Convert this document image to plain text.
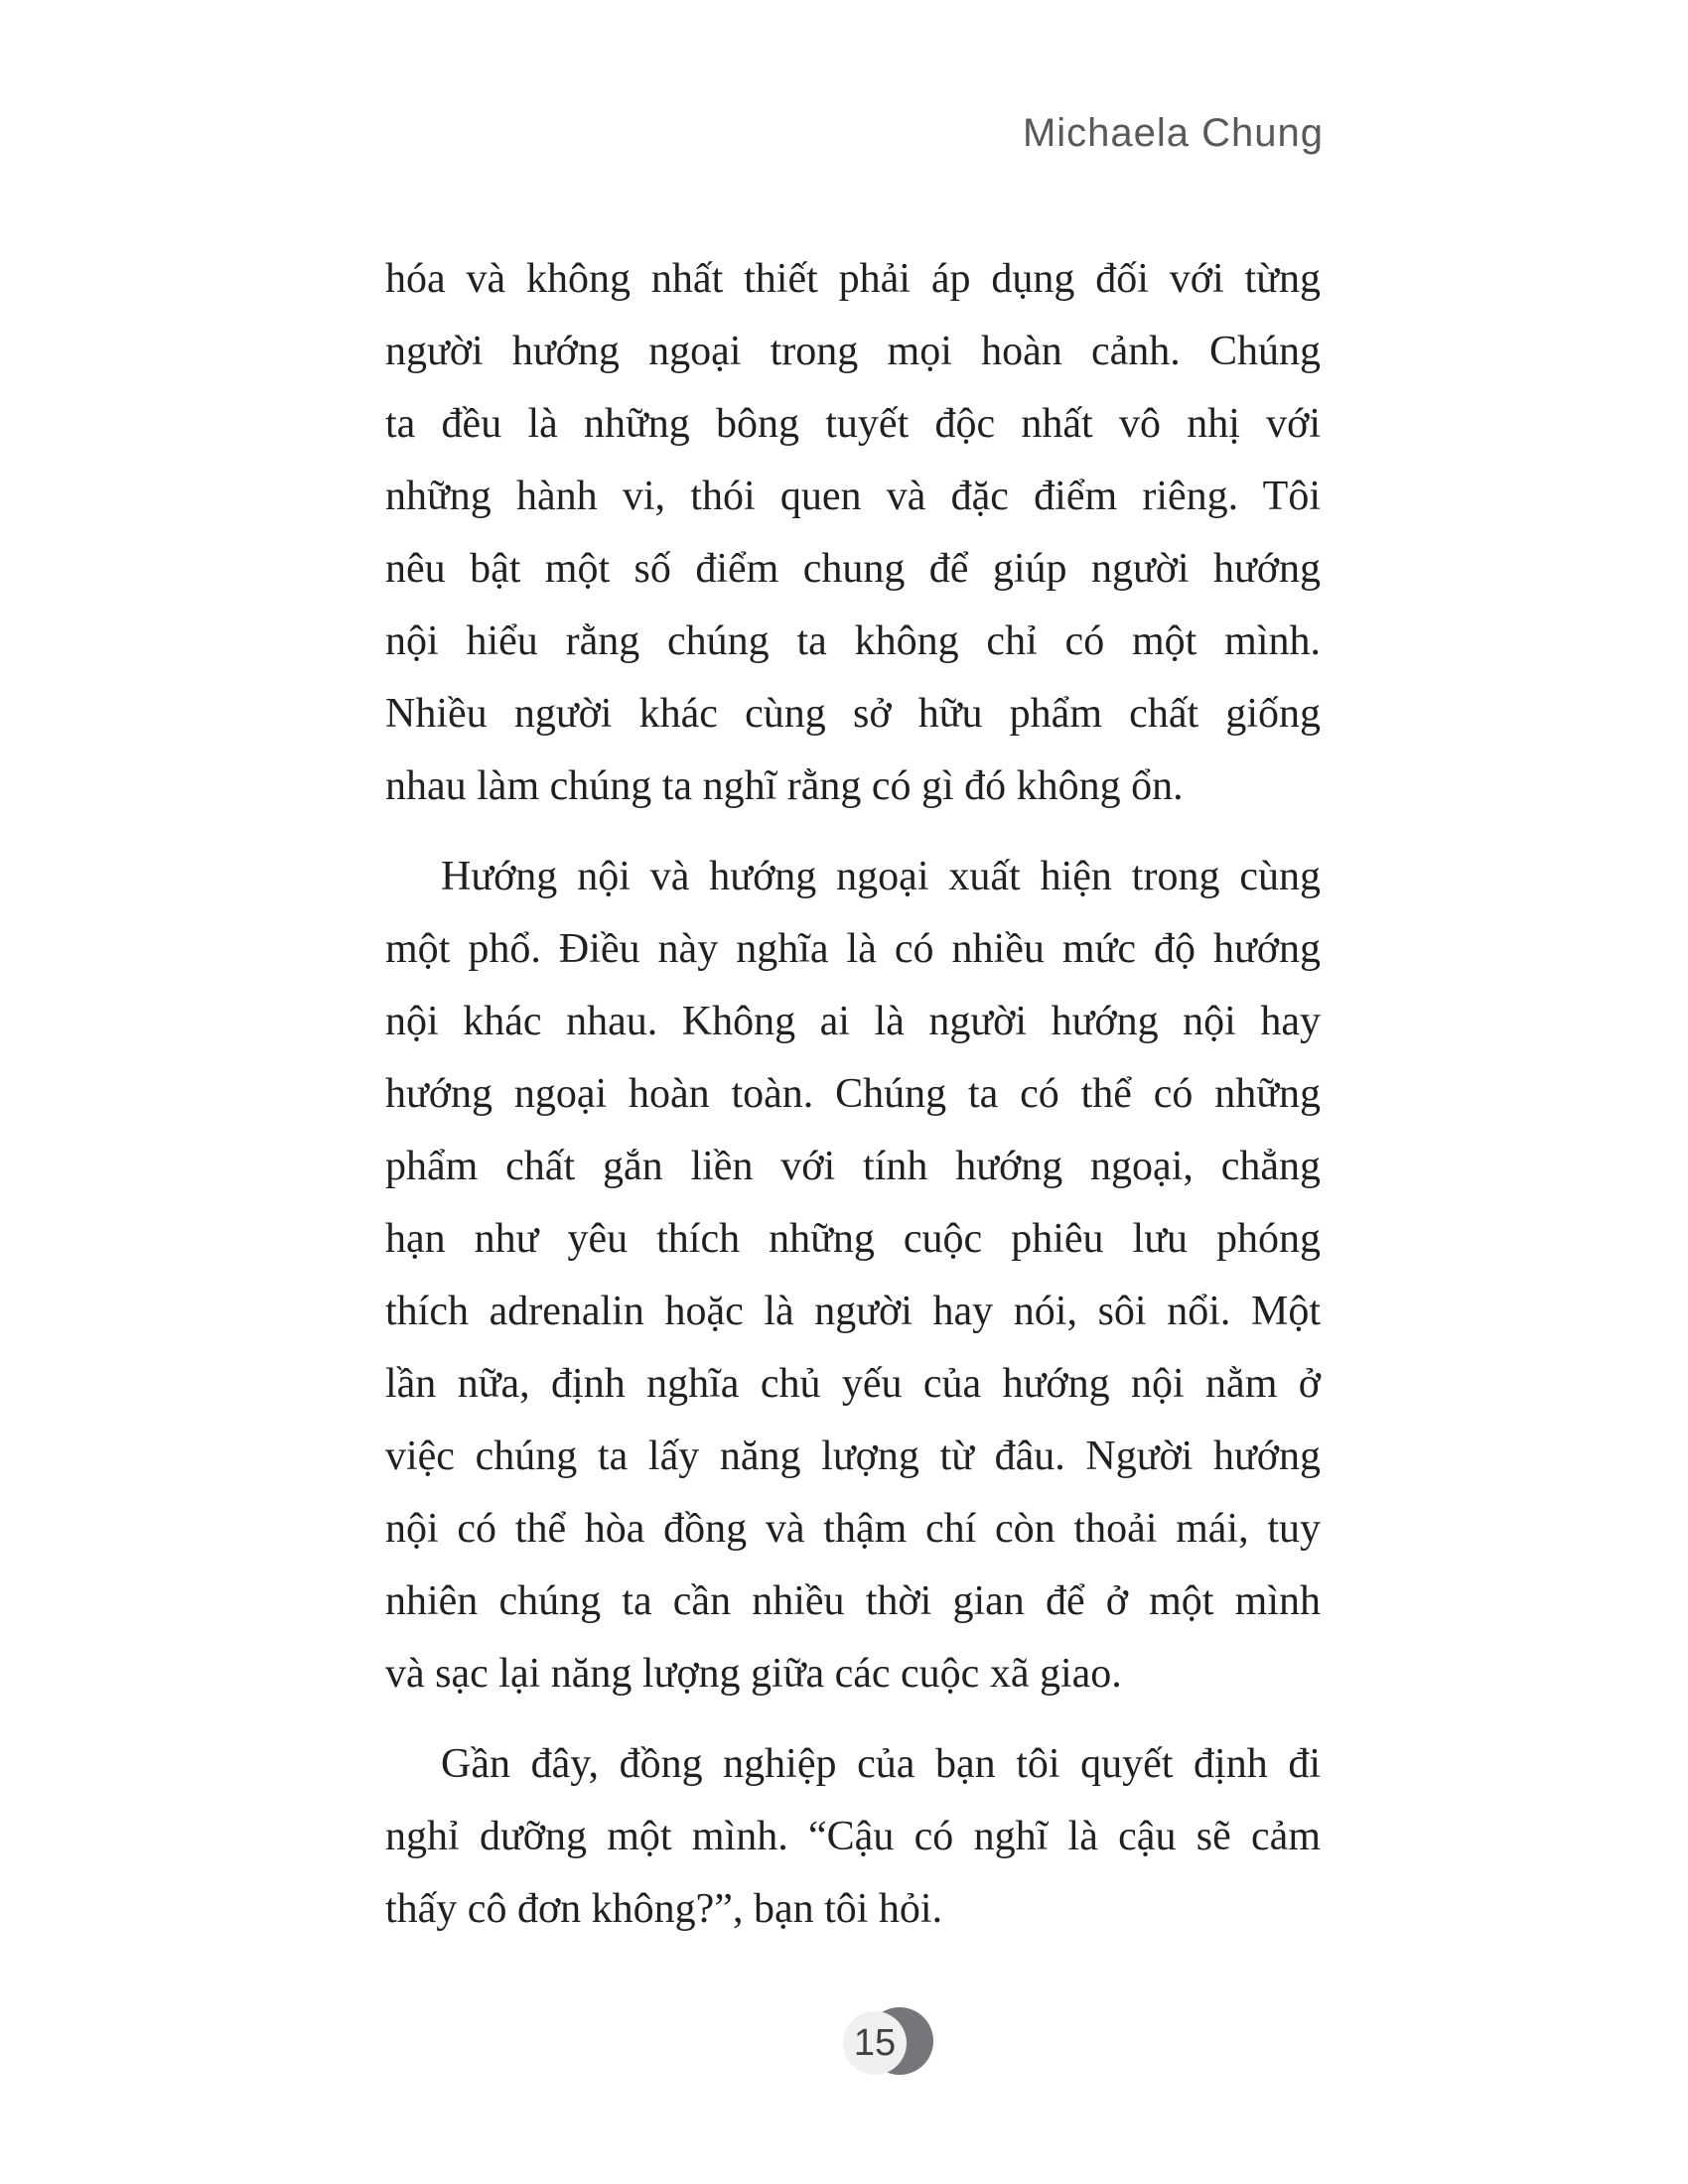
Michaela Chung
hóa và không nhất thiết phải áp dụng đối với từng
người hướng ngoại trong mọi hoàn cảnh. Chúng
ta đều là những bông tuyết độc nhất vô nhị với
những hành vi, thói quen và đặc điểm riêng. Tôi
nêu bật một số điểm chung để giúp người hướng
nội hiểu rằng chúng ta không chỉ có một mình.
Nhiều người khác cùng sở hữu phẩm chất giống
nhau làm chúng ta nghĩ rằng có gì đó không ổn.
Hướng nội và hướng ngoại xuất hiện trong cùng
một phổ. Điều này nghĩa là có nhiều mức độ hướng
nội khác nhau. Không ai là người hướng nội hay
hướng ngoại hoàn toàn. Chúng ta có thể có những
phẩm chất gắn liền với tính hướng ngoại, chẳng
hạn như yêu thích những cuộc phiêu lưu phóng
thích adrenalin hoặc là người hay nói, sôi nổi. Một
lần nữa, định nghĩa chủ yếu của hướng nội nằm ở
việc chúng ta lấy năng lượng từ đâu. Người hướng
nội có thể hòa đồng và thậm chí còn thoải mái, tuy
nhiên chúng ta cần nhiều thời gian để ở một mình
và sạc lại năng lượng giữa các cuộc xã giao.
Gần đây, đồng nghiệp của bạn tôi quyết định đi
nghỉ dưỡng một mình. “Cậu có nghĩ là cậu sẽ cảm
thấy cô đơn không?”, bạn tôi hỏi.
15
